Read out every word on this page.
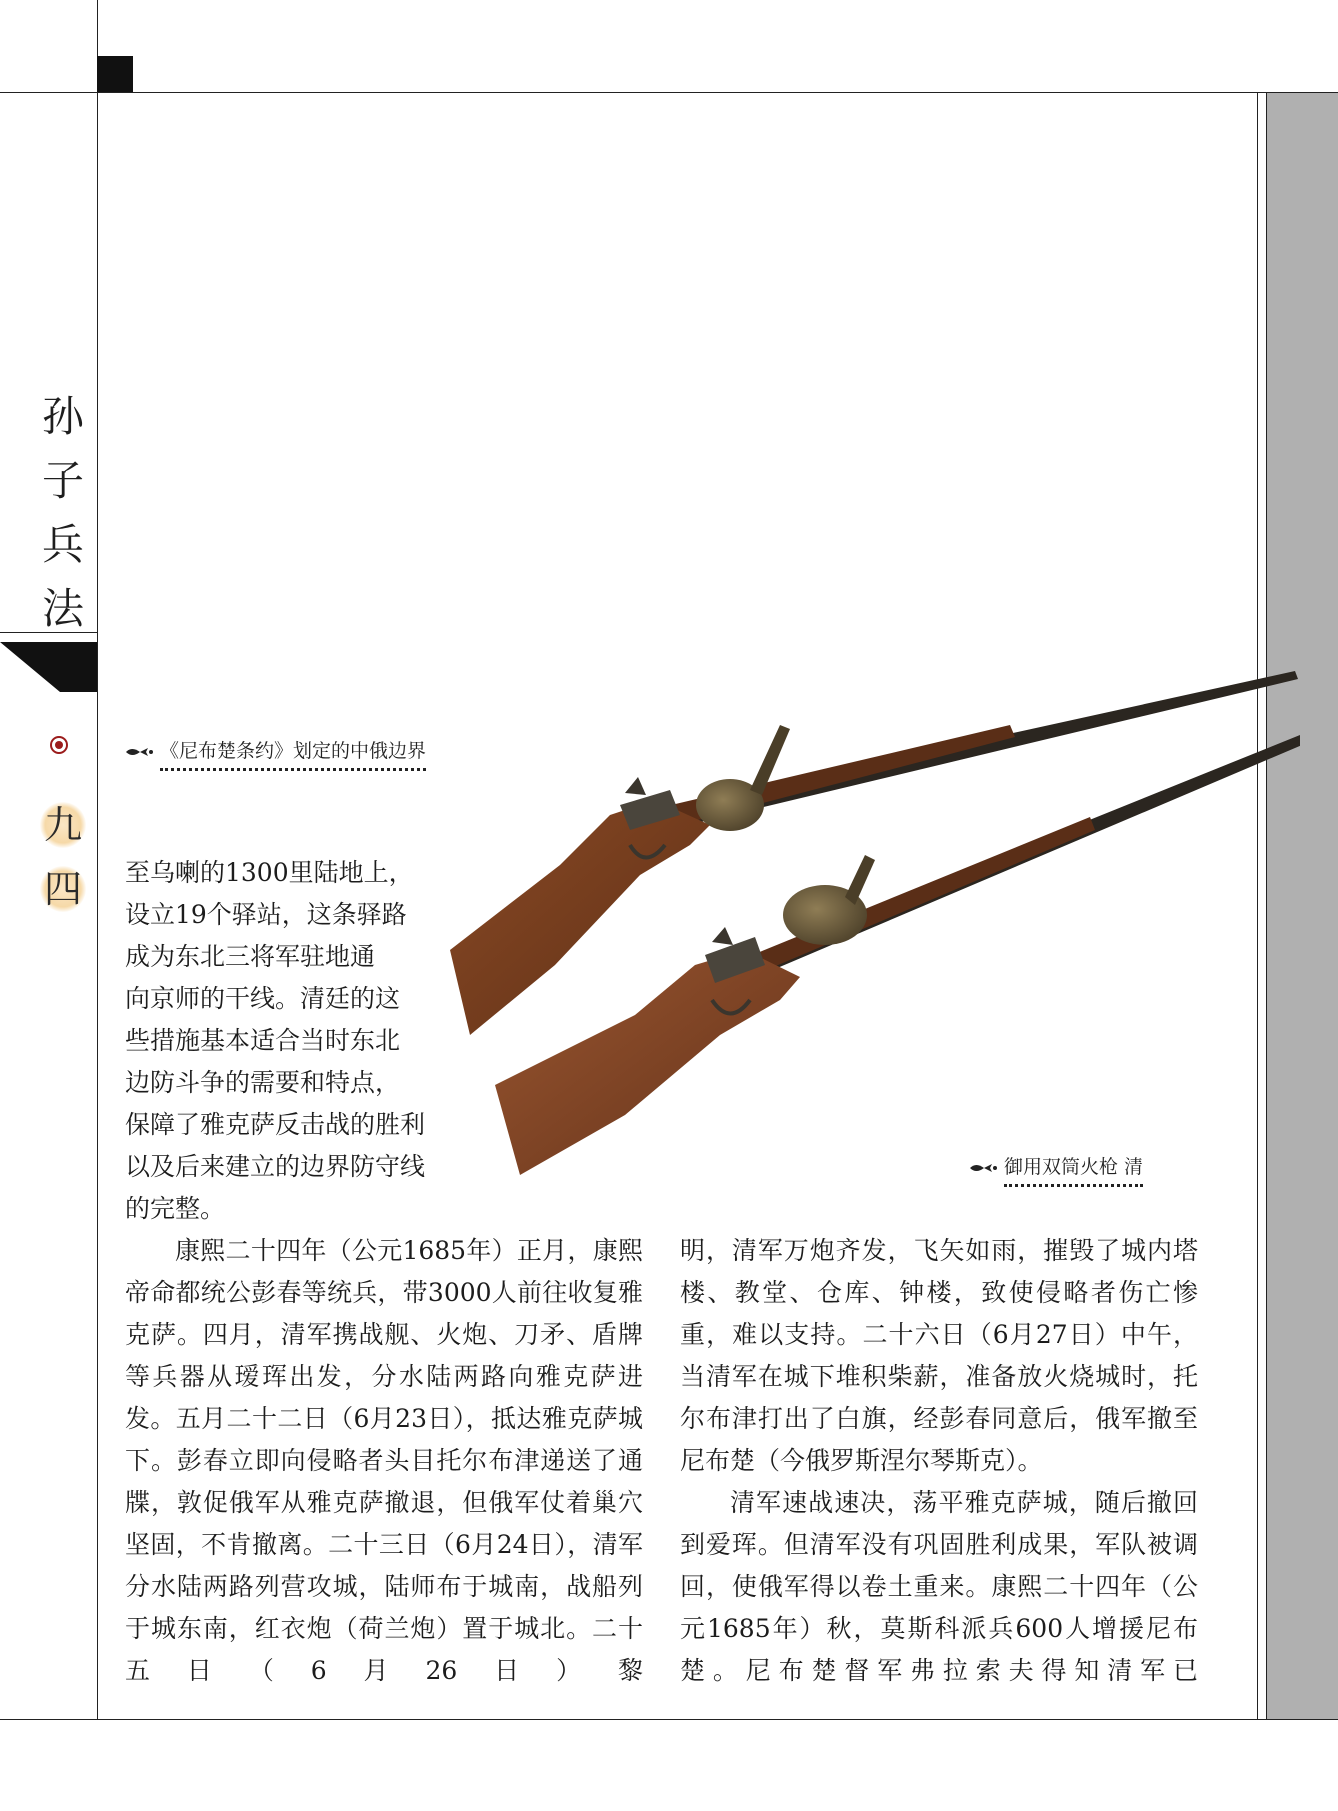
孙
子
兵
法
九
四
《尼布楚条约》划定的中俄边界
御用双筒火枪 清

至乌喇的1300里陆地上，

设立19个驿站，这条驿路

成为东北三将军驻地通

向京师的干线。清廷的这

些措施基本适合当时东北

边防斗争的需要和特点，

保障了雅克萨反击战的胜利

以及后来建立的边界防守线

的完整。

康熙二十四年（公元1685年）正月，康熙帝命都统公彭春等统兵，带3000人前往收复雅克萨。四月，清军携战舰、火炮、刀矛、盾牌等兵器从瑷珲出发，分水陆两路向雅克萨进发。五月二十二日（6月23日），抵达雅克萨城下。彭春立即向侵略者头目托尔布津递送了通牒，敦促俄军从雅克萨撤退，但俄军仗着巢穴坚固，不肯撤离。二十三日（6月24日），清军分水陆两路列营攻城，陆师布于城南，战船列于城东南，红衣炮（荷兰炮）置于城北。二十五日（6月26日）黎

明，清军万炮齐发，飞矢如雨，摧毁了城内塔楼、教堂、仓库、钟楼，致使侵略者伤亡惨重，难以支持。二十六日（6月27日）中午，当清军在城下堆积柴薪，准备放火烧城时，托尔布津打出了白旗，经彭春同意后，俄军撤至尼布楚（今俄罗斯涅尔琴斯克）。

清军速战速决，荡平雅克萨城，随后撤回到爱珲。但清军没有巩固胜利成果，军队被调回，使俄军得以卷土重来。康熙二十四年（公元1685年）秋，莫斯科派兵600人增援尼布楚。尼布楚督军弗拉索夫得知清军已
